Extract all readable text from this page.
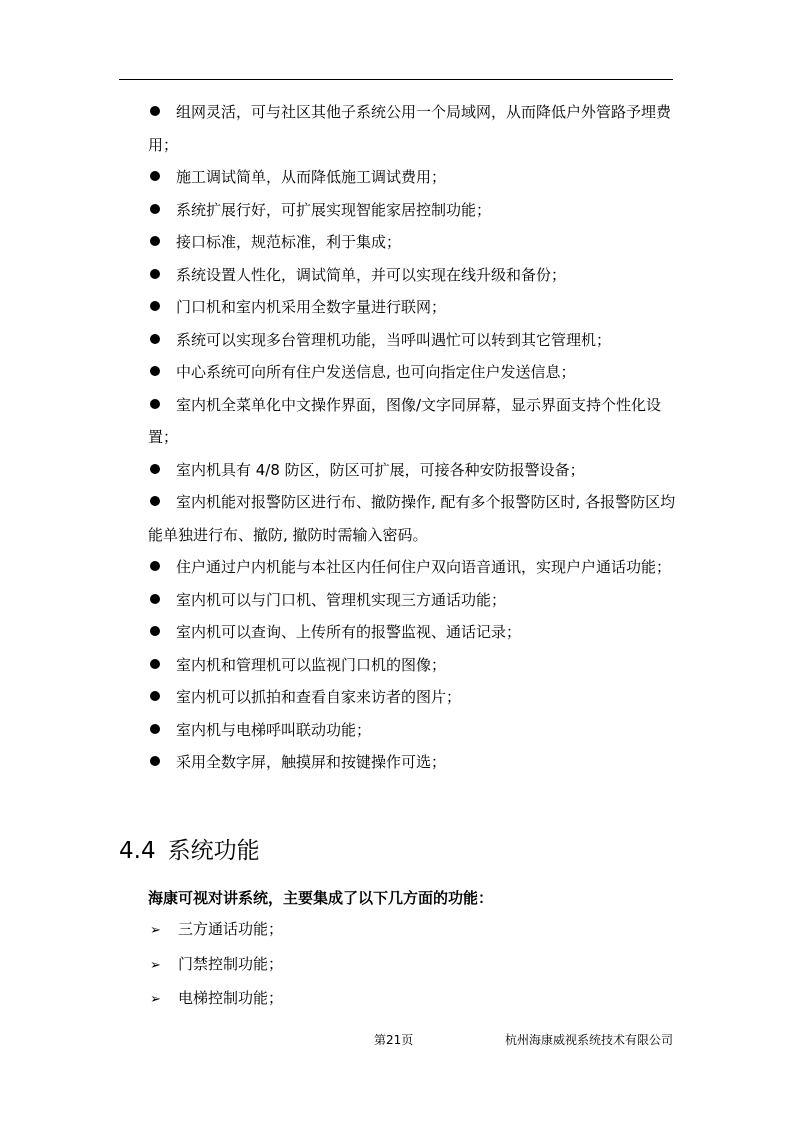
组网灵活，可与社区其他子系统公用一个局域网，从而降低户外管路予埋费用；
施工调试简单，从而降低施工调试费用；
系统扩展行好，可扩展实现智能家居控制功能；
接口标准，规范标准，利于集成；
系统设置人性化，调试简单，并可以实现在线升级和备份；
门口机和室内机采用全数字量进行联网；
系统可以实现多台管理机功能，当呼叫遇忙可以转到其它管理机；
中心系统可向所有住户发送信息, 也可向指定住户发送信息；
室内机全菜单化中文操作界面，图像/文字同屏幕，显示界面支持个性化设置；
室内机具有 4/8 防区，防区可扩展，可接各种安防报警设备；
室内机能对报警防区进行布、撤防操作, 配有多个报警防区时, 各报警防区均能单独进行布、撤防, 撤防时需输入密码。
住户通过户内机能与本社区内任何住户双向语音通讯，实现户户通话功能；
室内机可以与门口机、管理机实现三方通话功能；
室内机可以查询、上传所有的报警监视、通话记录；
室内机和管理机可以监视门口机的图像；
室内机可以抓拍和查看自家来访者的图片；
室内机与电梯呼叫联动功能；
采用全数字屏，触摸屏和按键操作可选；
4.4 系统功能

海康可视对讲系统，主要集成了以下几方面的功能：

➢ 三方通话功能；
➢ 门禁控制功能；
➢ 电梯控制功能；
第21页	杭州海康威视系统技术有限公司
